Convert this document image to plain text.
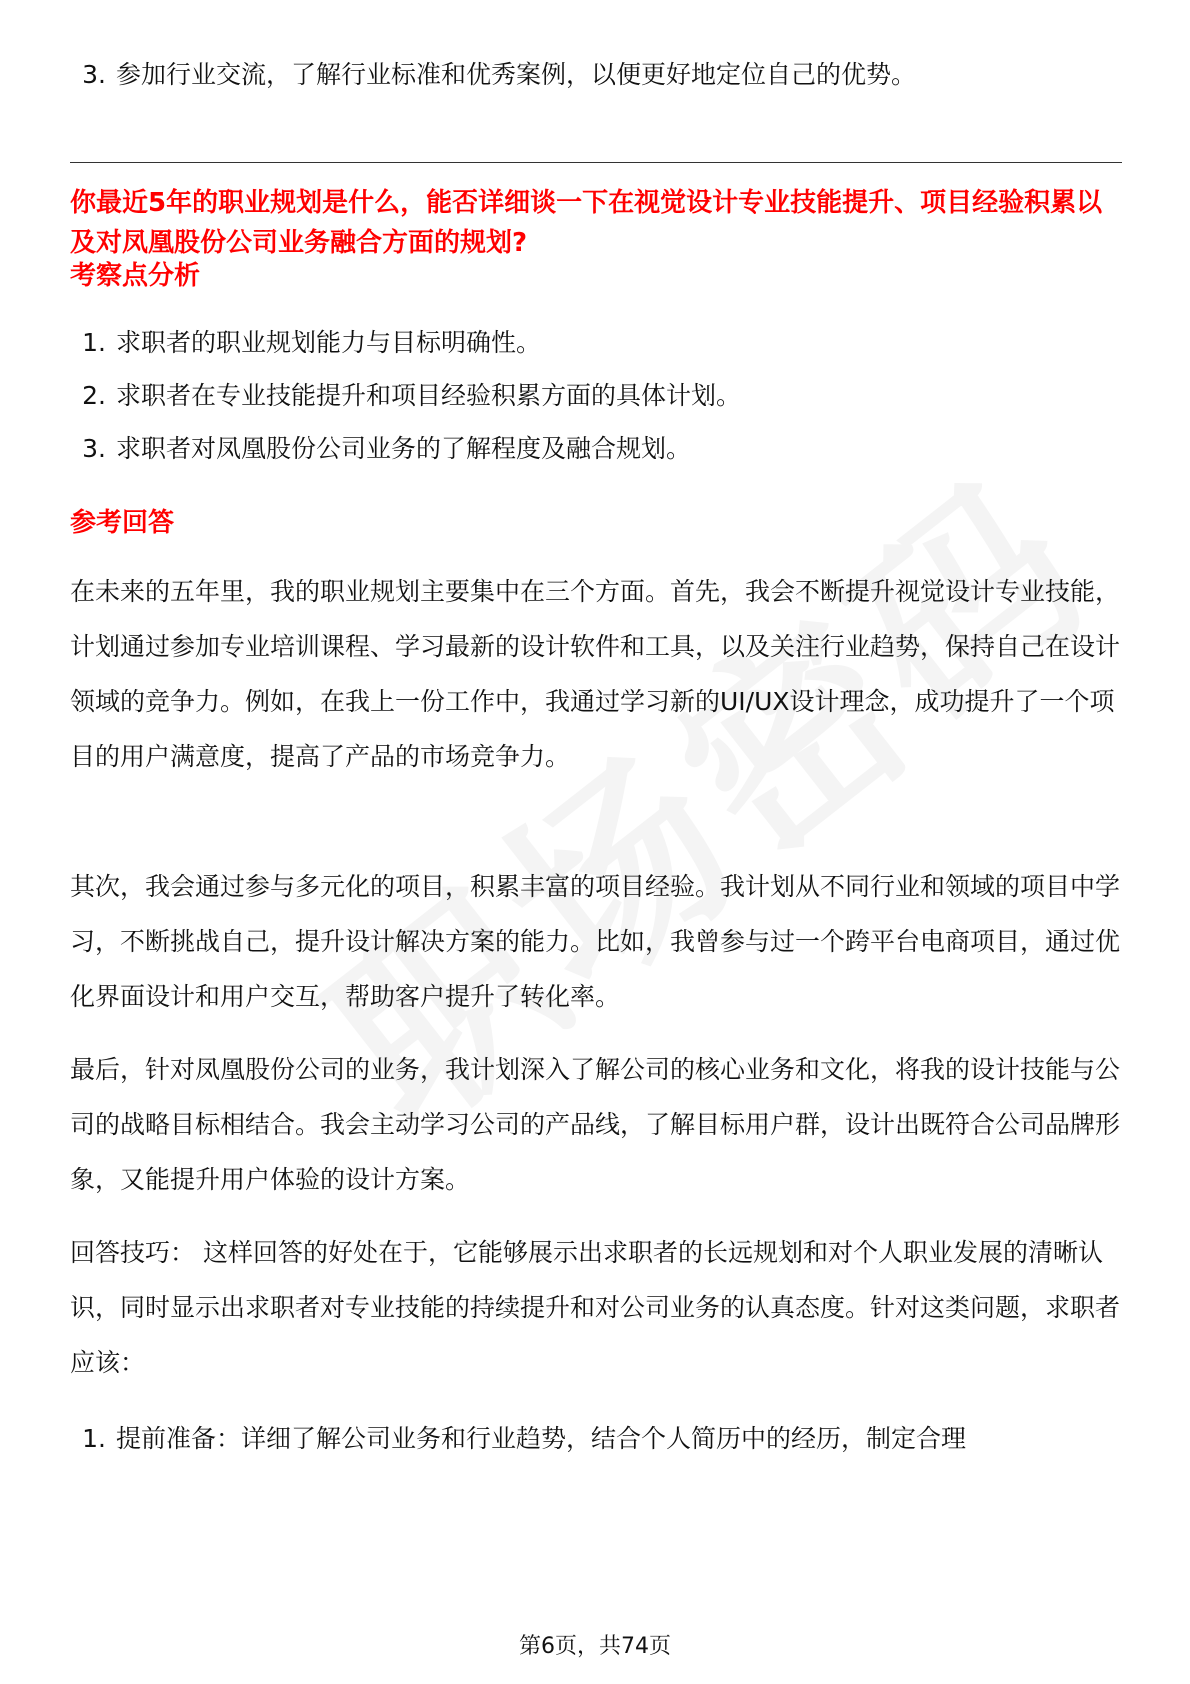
3. 参加行业交流，了解行业标准和优秀案例，以便更好地定位自己的优势。
你最近5年的职业规划是什么，能否详细谈一下在视觉设计专业技能提升、项目经验积累以及对凤凰股份公司业务融合方面的规划?
考察点分析
1. 求职者的职业规划能力与目标明确性。
2. 求职者在专业技能提升和项目经验积累方面的具体计划。
3. 求职者对凤凰股份公司业务的了解程度及融合规划。
参考回答

在未来的五年里，我的职业规划主要集中在三个方面。首先，我会不断提升视觉设计专业技能，计划通过参加专业培训课程、学习最新的设计软件和工具，以及关注行业趋势，保持自己在设计领域的竞争力。例如，在我上一份工作中，我通过学习新的UI/UX设计理念，成功提升了一个项目的用户满意度，提高了产品的市场竞争力。

其次，我会通过参与多元化的项目，积累丰富的项目经验。我计划从不同行业和领域的项目中学习，不断挑战自己，提升设计解决方案的能力。比如，我曾参与过一个跨平台电商项目，通过优化界面设计和用户交互，帮助客户提升了转化率。

最后，针对凤凰股份公司的业务，我计划深入了解公司的核心业务和文化，将我的设计技能与公司的战略目标相结合。我会主动学习公司的产品线，了解目标用户群，设计出既符合公司品牌形象，又能提升用户体验的设计方案。

回答技巧： 这样回答的好处在于，它能够展示出求职者的长远规划和对个人职业发展的清晰认识，同时显示出求职者对专业技能的持续提升和对公司业务的认真态度。针对这类问题，求职者应该：

1. 提前准备：详细了解公司业务和行业趋势，结合个人简历中的经历，制定合理
第6页，共74页
